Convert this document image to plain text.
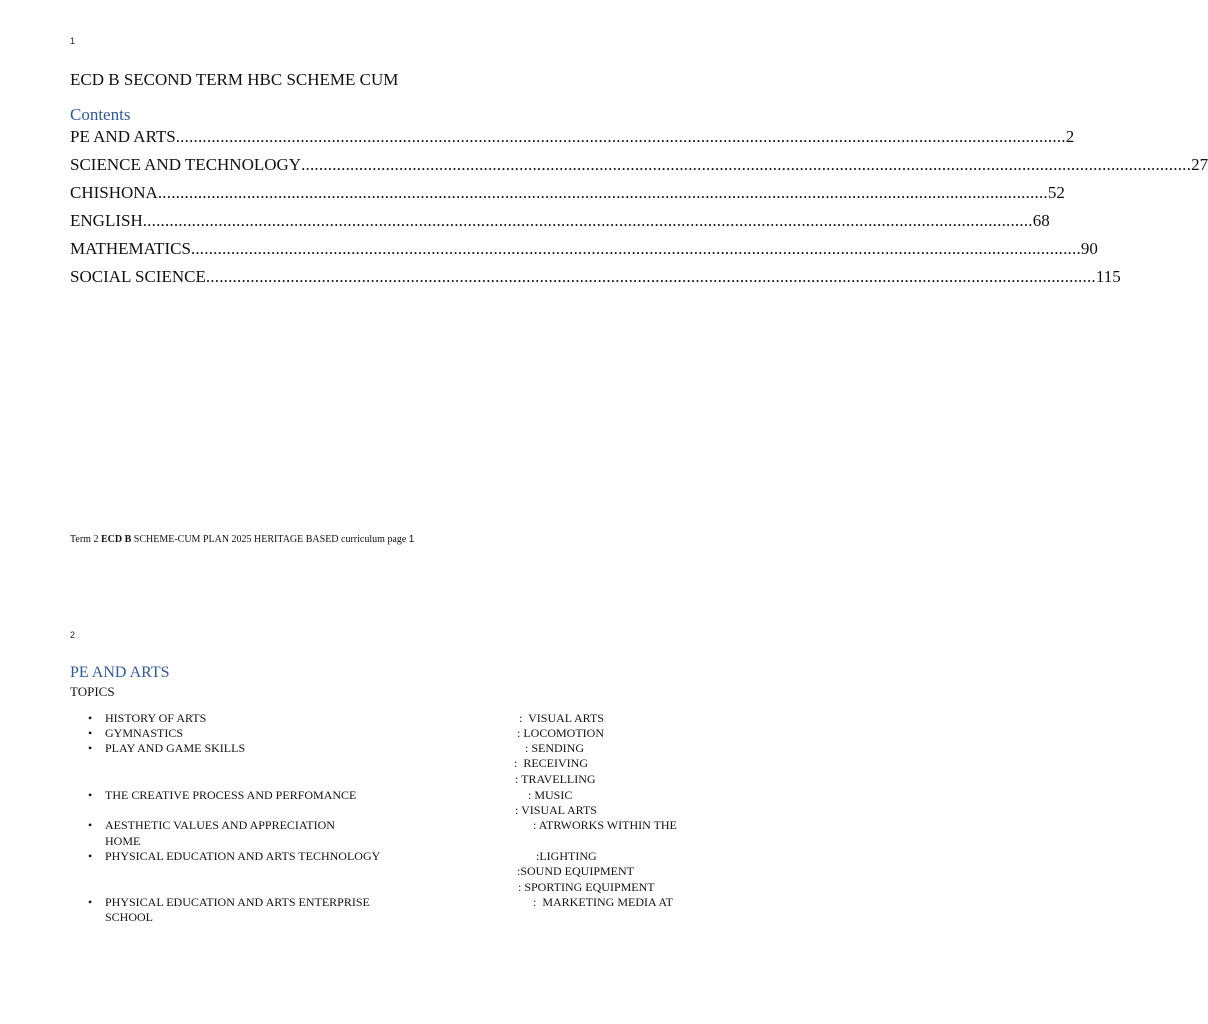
1
ECD B SECOND TERM HBC SCHEME CUM
Contents
PE AND ARTS ........................................................................................................................................................................................................ 2
SCIENCE AND TECHNOLOGY ........................................................................................................................................................................................................ 27
CHISHONA ........................................................................................................................................................................................................ 52
ENGLISH ........................................................................................................................................................................................................ 68
MATHEMATICS ........................................................................................................................................................................................................ 90
SOCIAL SCIENCE ........................................................................................................................................................................................................ 115
Term 2 ECD B SCHEME-CUM PLAN 2025 HERITAGE BASED curriculum page 1
2
PE AND ARTS
TOPICS
• HISTORY OF ARTS
• GYMNASTICS
• PLAY AND GAME SKILLS
• THE CREATIVE PROCESS AND PERFOMANCE
• AESTHETIC VALUES AND APPRECIATION
HOME
• PHYSICAL EDUCATION AND ARTS TECHNOLOGY
• PHYSICAL EDUCATION AND ARTS ENTERPRISE
SCHOOL
:  VISUAL ARTS
: LOCOMOTION
: SENDING
:  RECEIVING
: TRAVELLING
: MUSIC
: VISUAL ARTS
: ATRWORKS WITHIN THE
:LIGHTING
:SOUND EQUIPMENT
: SPORTING EQUIPMENT
:  MARKETING MEDIA AT
